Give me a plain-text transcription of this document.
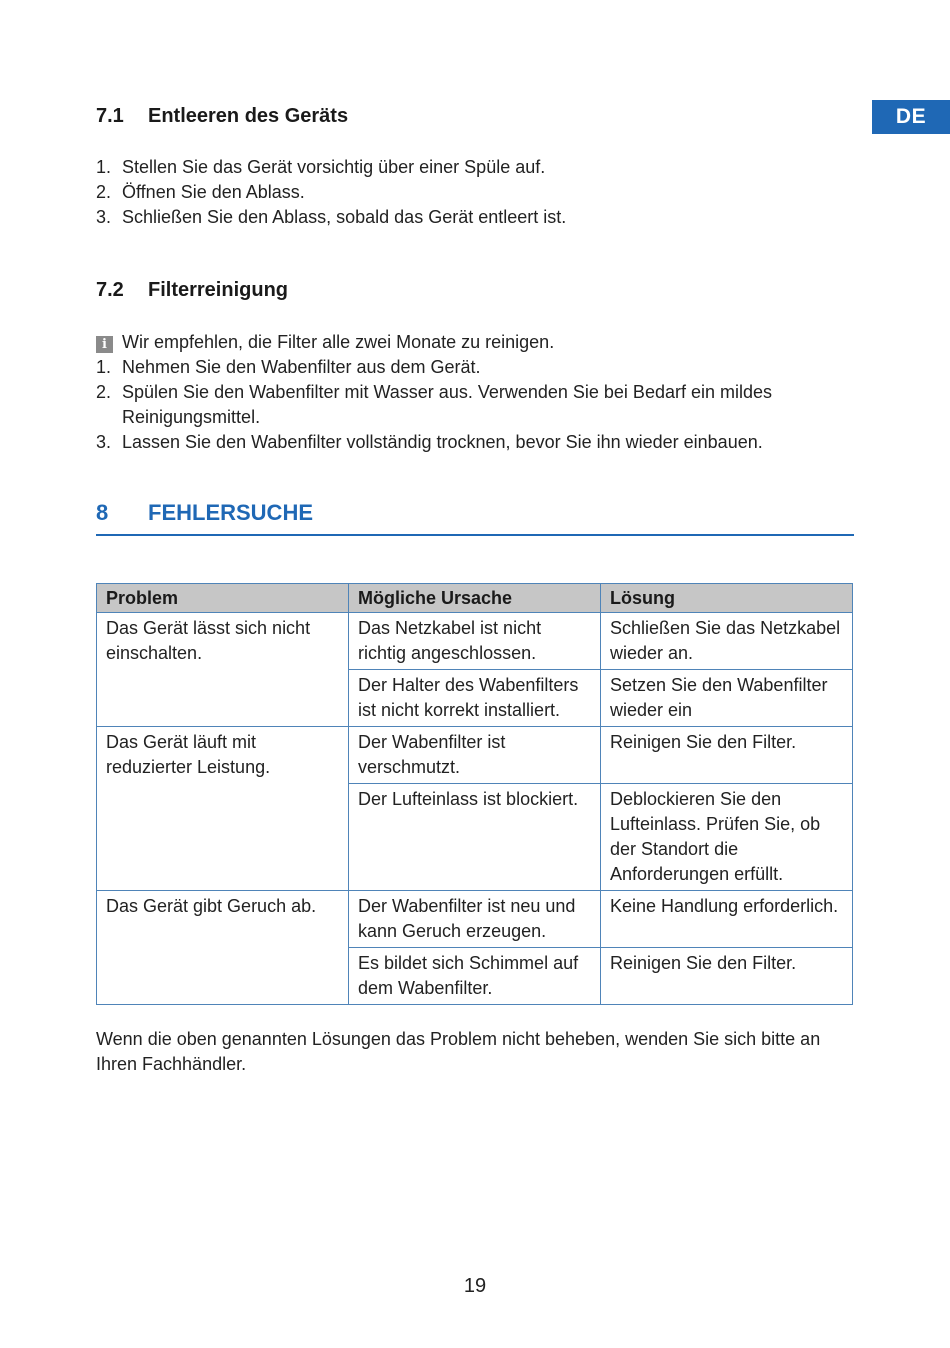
DE
7.1 Entleeren des Geräts
1. Stellen Sie das Gerät vorsichtig über einer Spüle auf.
2. Öffnen Sie den Ablass.
3. Schließen Sie den Ablass, sobald das Gerät entleert ist.
7.2 Filterreinigung
i Wir empfehlen, die Filter alle zwei Monate zu reinigen.
1. Nehmen Sie den Wabenfilter aus dem Gerät.
2. Spülen Sie den Wabenfilter mit Wasser aus. Verwenden Sie bei Bedarf ein mildes Reinigungsmittel.
3. Lassen Sie den Wabenfilter vollständig trocknen, bevor Sie ihn wieder einbauen.
8 FEHLERSUCHE
Problem	Mögliche Ursache	Lösung
Das Gerät lässt sich nicht einschalten.	Das Netzkabel ist nicht richtig angeschlossen.	Schließen Sie das Netzkabel wieder an.
	Der Halter des Wabenfilters ist nicht korrekt installiert.	Setzen Sie den Wabenfilter wieder ein
Das Gerät läuft mit reduzierter Leistung.	Der Wabenfilter ist verschmutzt.	Reinigen Sie den Filter.
	Der Lufteinlass ist blockiert.	Deblockieren Sie den Lufteinlass. Prüfen Sie, ob der Standort die Anforderungen erfüllt.
Das Gerät gibt Geruch ab.	Der Wabenfilter ist neu und kann Geruch erzeugen.	Keine Handlung erforderlich.
	Es bildet sich Schimmel auf dem Wabenfilter.	Reinigen Sie den Filter.
Wenn die oben genannten Lösungen das Problem nicht beheben, wenden Sie sich bitte an Ihren Fachhändler.
19
